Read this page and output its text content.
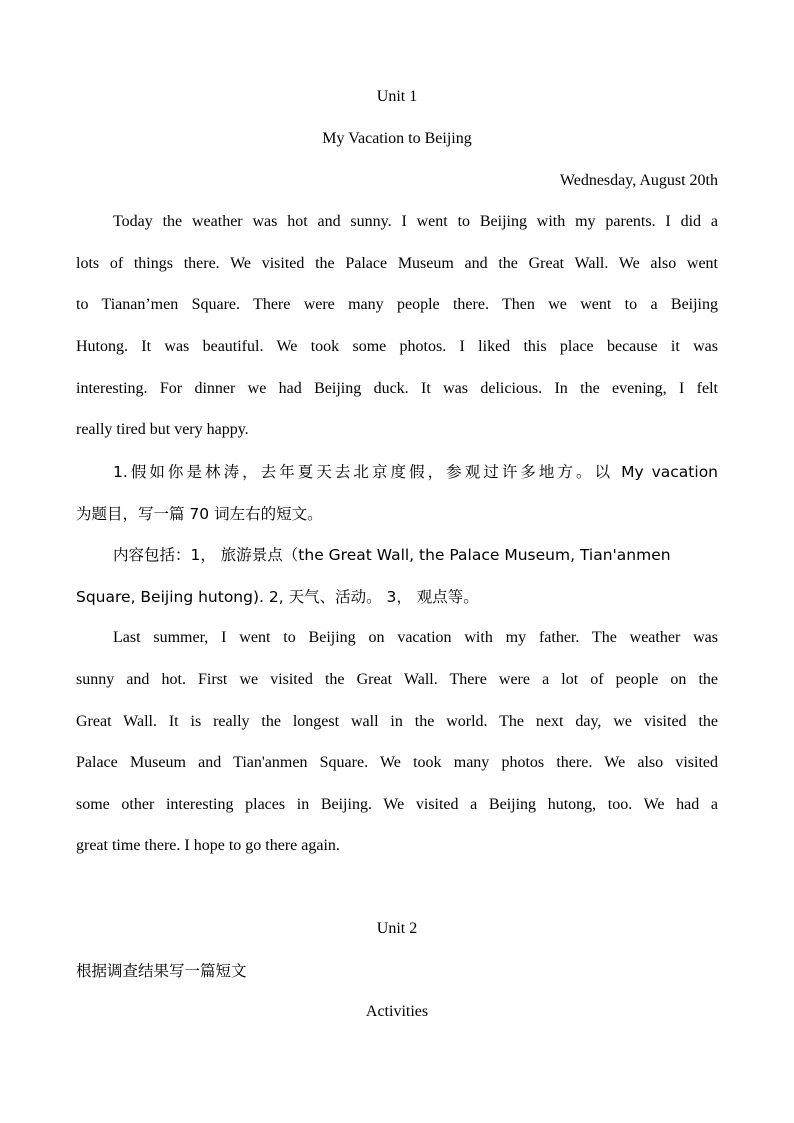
Unit 1
My Vacation to Beijing
Wednesday, August 20th
Today the weather was hot and sunny. I went to Beijing with my parents. I did a
lots of things there. We visited the Palace Museum and the Great Wall. We also went
to Tiananʼmen Square. There were many people there. Then we went to a Beijing
Hutong. It was beautiful. We took some photos. I liked this place because it was
interesting. For dinner we had Beijing duck. It was delicious. In the evening, I felt
really tired but very happy.
1.假如你是林涛，去年夏天去北京度假，参观过许多地方。以 My vacation
为题目，写一篇 70 词左右的短文。
内容包括：1， 旅游景点（the Great Wall, the Palace Museum, Tian'anmen
Square, Beijing hutong). 2, 天气、活动。 3， 观点等。
Last summer, I went to Beijing on vacation with my father. The weather was
sunny and hot. First we visited the Great Wall. There were a lot of people on the
Great Wall. It is really the longest wall in the world. The next day, we visited the
Palace Museum and Tian'anmen Square. We took many photos there. We also visited
some other interesting places in Beijing. We visited a Beijing hutong, too. We had a
great time there. I hope to go there again.
Unit 2
根据调查结果写一篇短文
Activities
